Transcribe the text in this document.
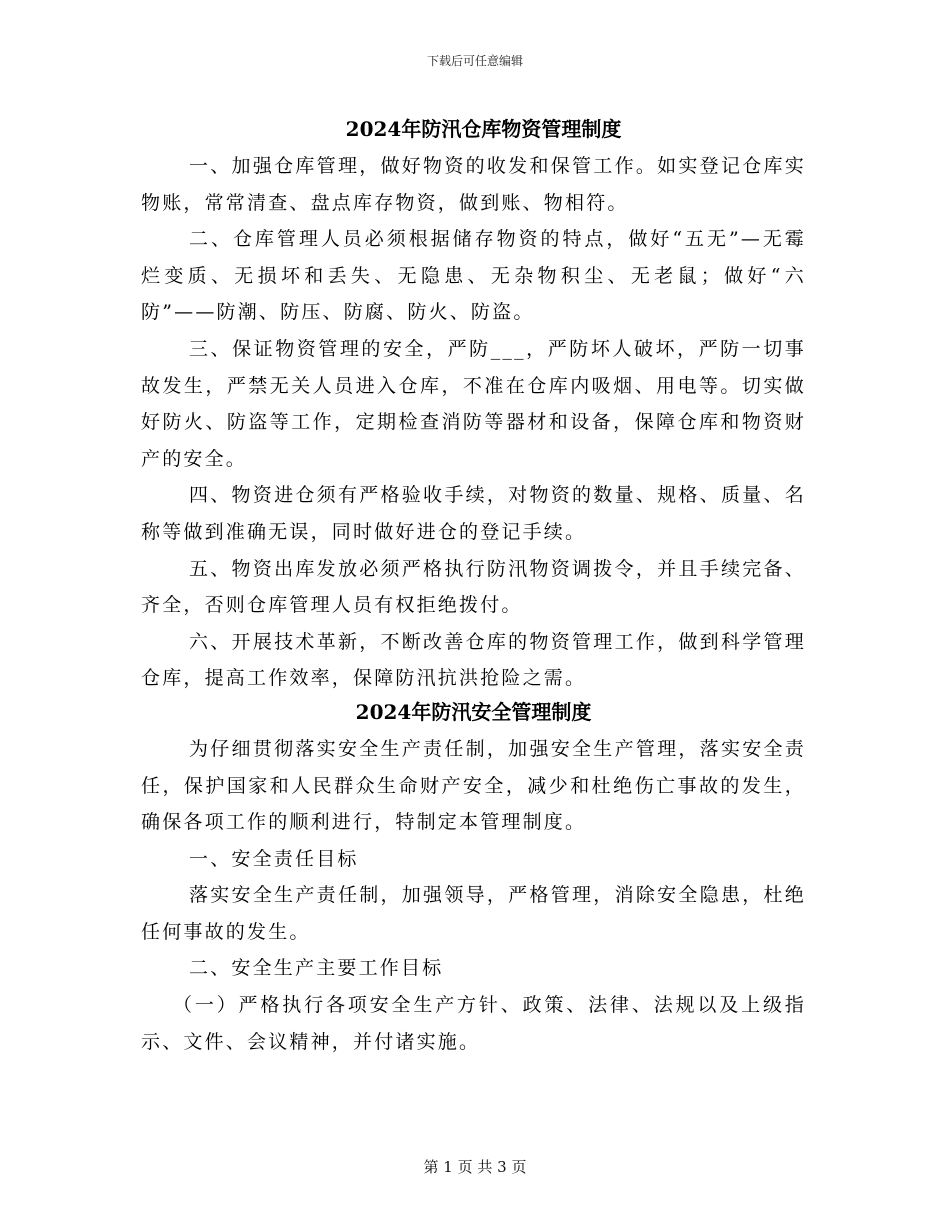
下载后可任意编辑
2024年防汛仓库物资管理制度

一、加强仓库管理，做好物资的收发和保管工作。如实登记仓库实物账，常常清查、盘点库存物资，做到账、物相符。

二、仓库管理人员必须根据储存物资的特点，做好“五无”—无霉烂变质、无损坏和丢失、无隐患、无杂物积尘、无老鼠；做好“六防”——防潮、防压、防腐、防火、防盗。

三、保证物资管理的安全，严防___，严防坏人破坏，严防一切事故发生，严禁无关人员进入仓库，不准在仓库内吸烟、用电等。切实做好防火、防盗等工作，定期检查消防等器材和设备，保障仓库和物资财产的安全。

四、物资进仓须有严格验收手续，对物资的数量、规格、质量、名称等做到准确无误，同时做好进仓的登记手续。

五、物资出库发放必须严格执行防汛物资调拨令，并且手续完备、齐全，否则仓库管理人员有权拒绝拨付。

六、开展技术革新，不断改善仓库的物资管理工作，做到科学管理仓库，提高工作效率，保障防汛抗洪抢险之需。

2024年防汛安全管理制度

为仔细贯彻落实安全生产责任制，加强安全生产管理，落实安全责任，保护国家和人民群众生命财产安全，减少和杜绝伤亡事故的发生，确保各项工作的顺利进行，特制定本管理制度。

一、安全责任目标

落实安全生产责任制，加强领导，严格管理，消除安全隐患，杜绝任何事故的发生。

二、安全生产主要工作目标

（一）严格执行各项安全生产方针、政策、法律、法规以及上级指示、文件、会议精神，并付诸实施。

第 1 页 共 3 页
